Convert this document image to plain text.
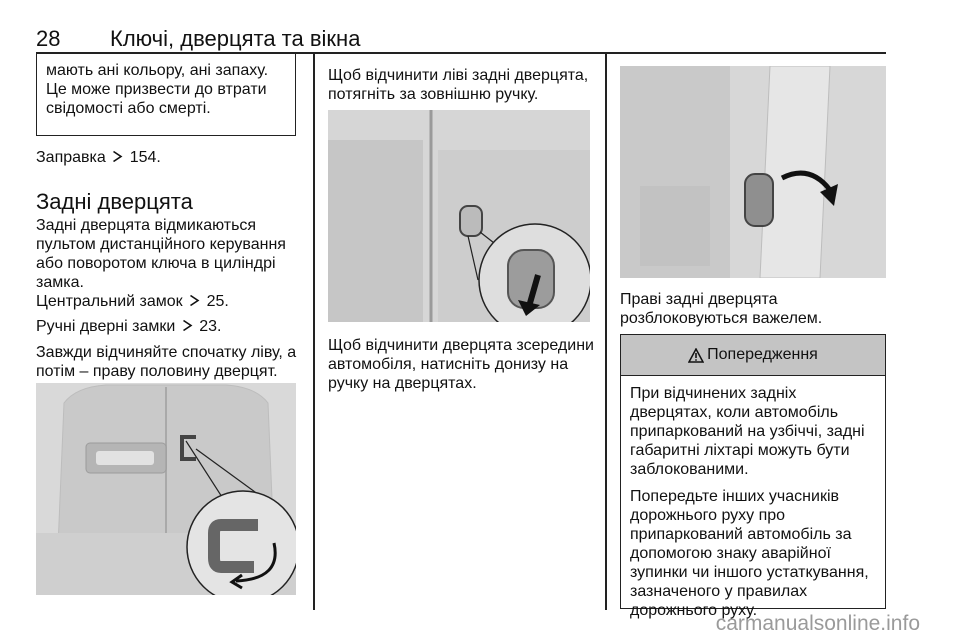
28 Ключі, дверцята та вікна
мають ані кольору, ані запаху. Це може призвести до втрати свідомості або смерті.
Заправка 154.
Задні дверцята
Задні дверцята відмикаються пультом дистанційного керування або поворотом ключа в циліндрі замка.
Центральний замок 25.
Ручні дверні замки 23.
Завжди відчиняйте спочатку ліву, а потім – праву половину дверцят.
Щоб відчинити ліві задні дверцята, потягніть за зовнішню ручку.
Щоб відчинити дверцята зсередини автомобіля, натисніть донизу на ручку на дверцятах.
Праві задні дверцята розблоковуються важелем.
Попередження

При відчинених задніх дверцятах, коли автомобіль припаркований на узбіччі, задні габаритні ліхтарі можуть бути заблокованими.

Попередьте інших учасників дорожнього руху про припаркований автомобіль за допомогою знаку аварійної зупинки чи іншого устаткування, зазначеного у правилах дорожнього руху.

carmanualsonline.info
